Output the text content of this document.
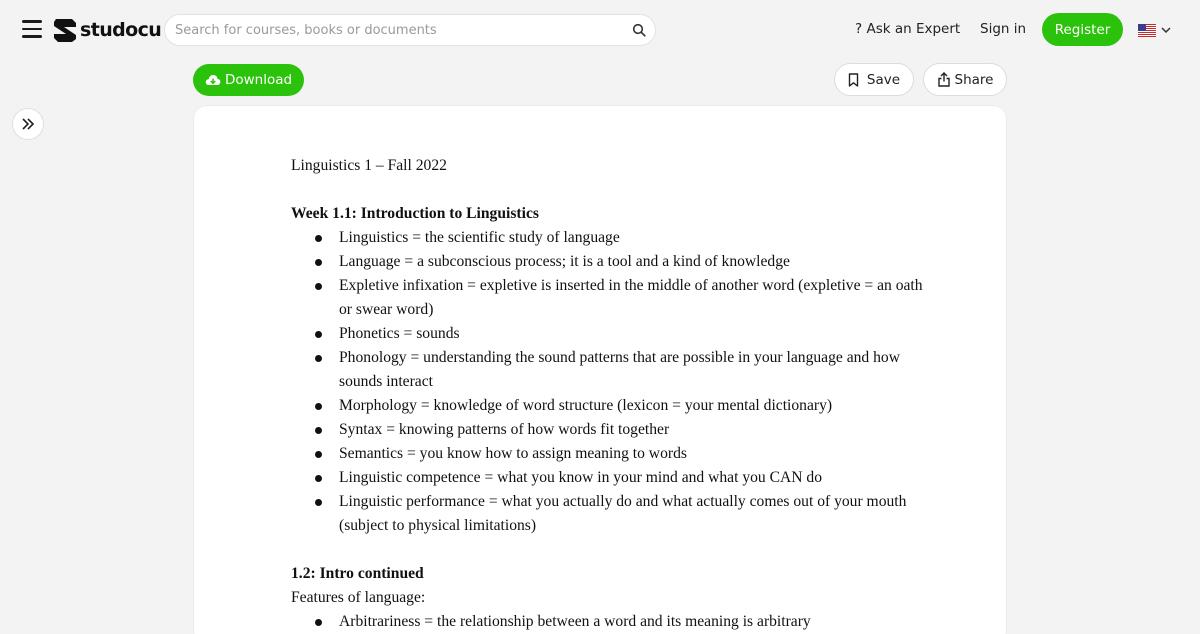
studocu
Search for courses, books or documents	? Ask an Expert Sign in	Register
Download	Save	Share

Linguistics 1 – Fall 2022

Week 1.1: Introduction to Linguistics

Linguistics = the scientific study of language
Language = a subconscious process; it is a tool and a kind of knowledge
Expletive infixation = expletive is inserted in the middle of another word (expletive = an oath or swear word)
Phonetics = sounds
Phonology = understanding the sound patterns that are possible in your language and how sounds interact
Morphology = knowledge of word structure (lexicon = your mental dictionary)
Syntax = knowing patterns of how words fit together
Semantics = you know how to assign meaning to words
Linguistic competence = what you know in your mind and what you CAN do
Linguistic performance = what you actually do and what actually comes out of your mouth (subject to physical limitations)

1.2: Intro continued

Features of language:

Arbitrariness = the relationship between a word and its meaning is arbitrary
